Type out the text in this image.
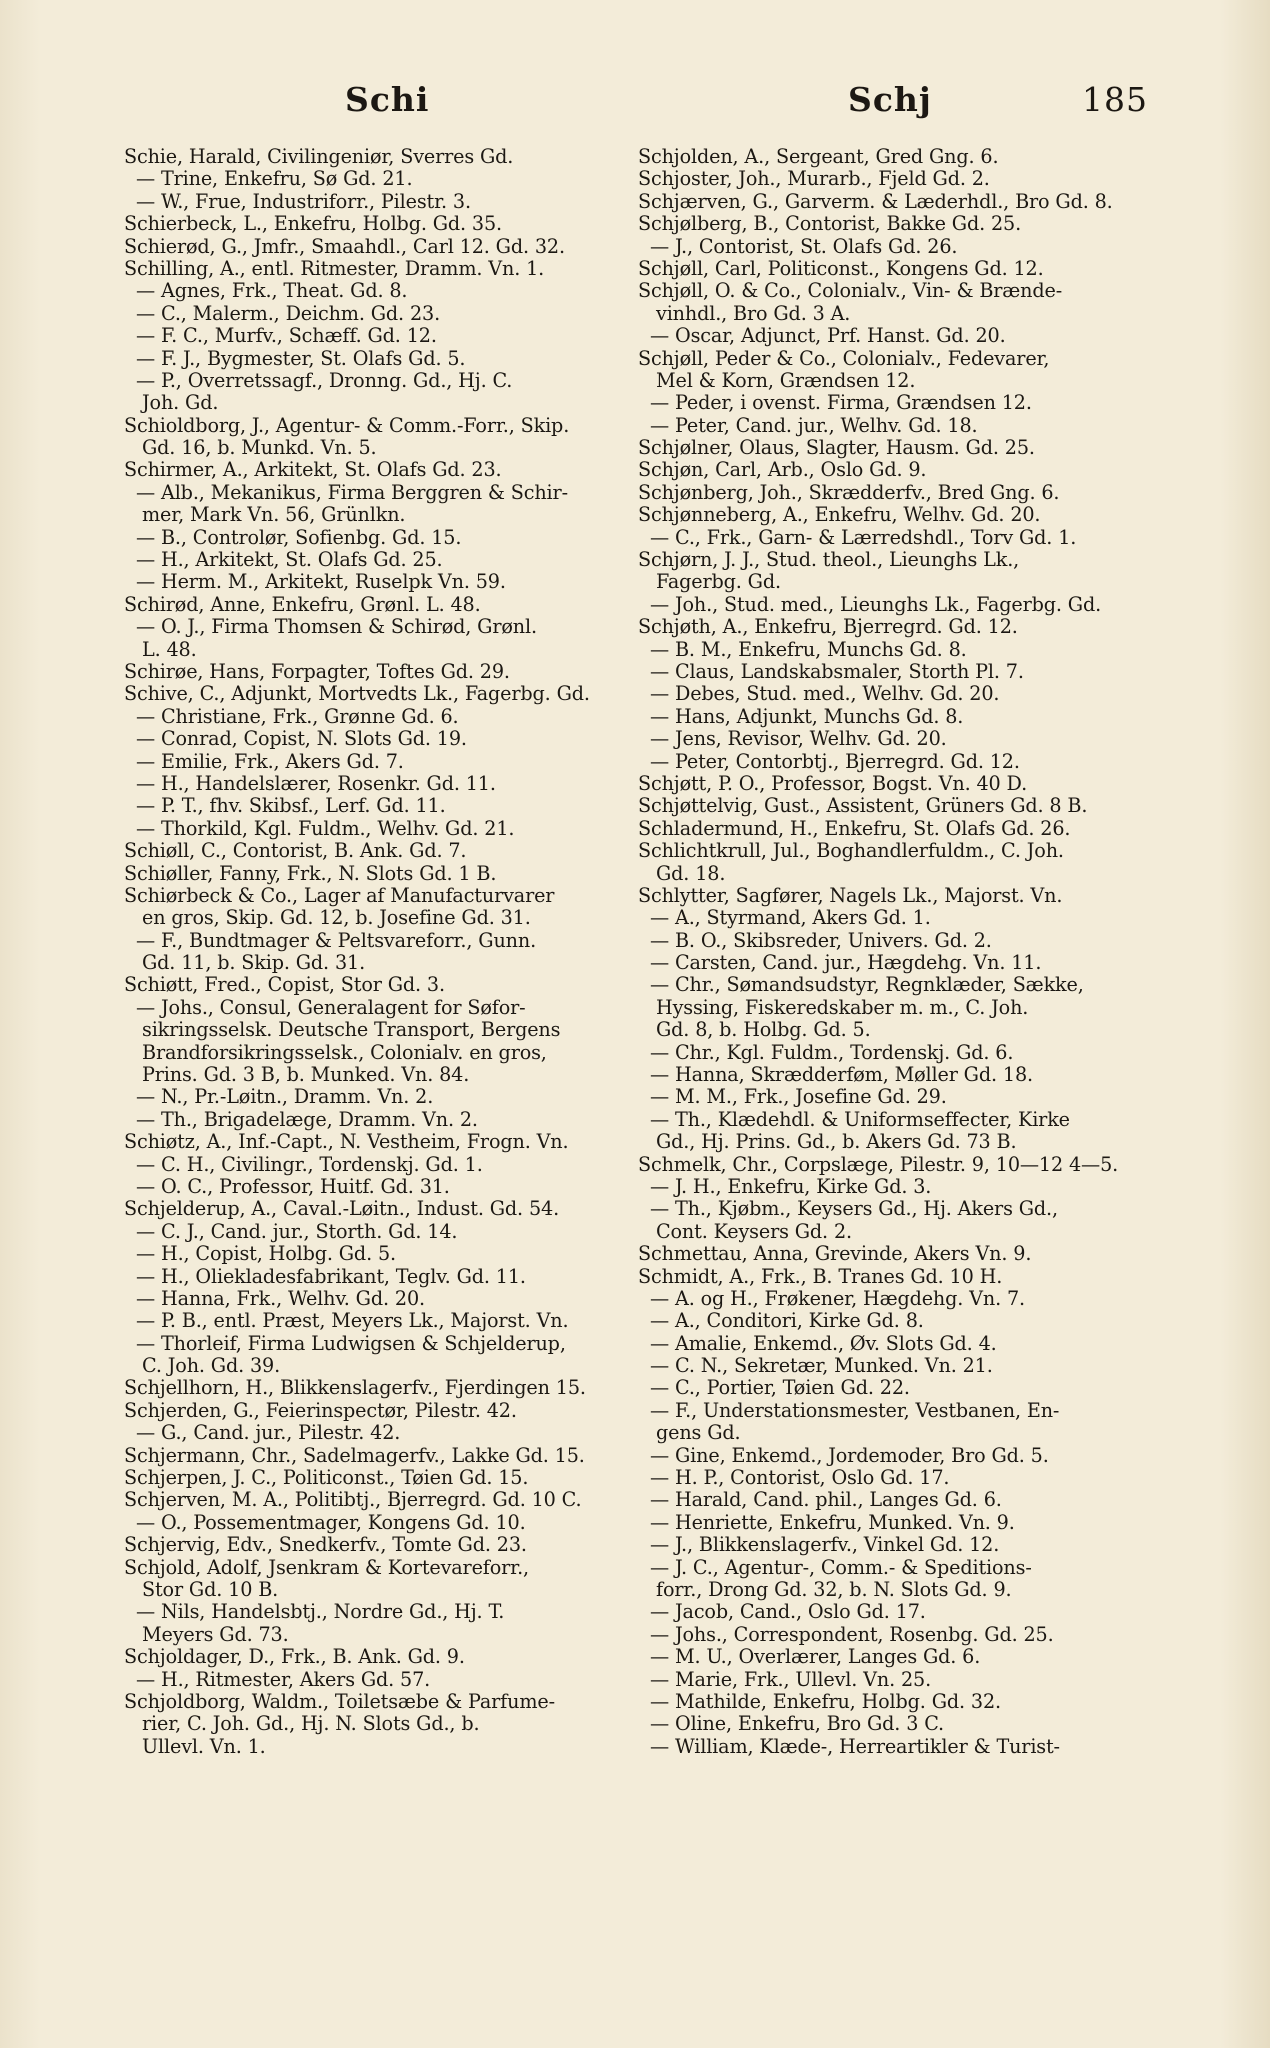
Schi	Schj	185
Schie, Harald, Civilingeniør, Sverres Gd.
— Trine, Enkefru, Sø Gd. 21.
— W., Frue, Industriforr., Pilestr. 3.
Schierbeck, L., Enkefru, Holbg. Gd. 35.
Schierød, G., Jmfr., Smaahdl., Carl 12. Gd. 32.
Schilling, A., entl. Ritmester, Dramm. Vn. 1.
— Agnes, Frk., Theat. Gd. 8.
— C., Malerm., Deichm. Gd. 23.
— F. C., Murfv., Schæff. Gd. 12.
— F. J., Bygmester, St. Olafs Gd. 5.
— P., Overretssagf., Dronng. Gd., Hj. C.
Joh. Gd.
Schioldborg, J., Agentur- & Comm.-Forr., Skip.
Gd. 16, b. Munkd. Vn. 5.
Schirmer, A., Arkitekt, St. Olafs Gd. 23.
— Alb., Mekanikus, Firma Berggren & Schir-
mer, Mark Vn. 56, Grünlkn.
— B., Controlør, Sofienbg. Gd. 15.
— H., Arkitekt, St. Olafs Gd. 25.
— Herm. M., Arkitekt, Ruselpk Vn. 59.
Schirød, Anne, Enkefru, Grønl. L. 48.
— O. J., Firma Thomsen & Schirød, Grønl.
L. 48.
Schirøe, Hans, Forpagter, Toftes Gd. 29.
Schive, C., Adjunkt, Mortvedts Lk., Fagerbg. Gd.
— Christiane, Frk., Grønne Gd. 6.
— Conrad, Copist, N. Slots Gd. 19.
— Emilie, Frk., Akers Gd. 7.
— H., Handelslærer, Rosenkr. Gd. 11.
— P. T., fhv. Skibsf., Lerf. Gd. 11.
— Thorkild, Kgl. Fuldm., Welhv. Gd. 21.
Schiøll, C., Contorist, B. Ank. Gd. 7.
Schiøller, Fanny, Frk., N. Slots Gd. 1 B.
Schiørbeck & Co., Lager af Manufacturvarer
en gros, Skip. Gd. 12, b. Josefine Gd. 31.
— F., Bundtmager & Peltsvareforr., Gunn.
Gd. 11, b. Skip. Gd. 31.
Schiøtt, Fred., Copist, Stor Gd. 3.
— Johs., Consul, Generalagent for Søfor-
sikringsselsk. Deutsche Transport, Bergens
Brandforsikringsselsk., Colonialv. en gros,
Prins. Gd. 3 B, b. Munked. Vn. 84.
— N., Pr.-Løitn., Dramm. Vn. 2.
— Th., Brigadelæge, Dramm. Vn. 2.
Schiøtz, A., Inf.-Capt., N. Vestheim, Frogn. Vn.
— C. H., Civilingr., Tordenskj. Gd. 1.
— O. C., Professor, Huitf. Gd. 31.
Schjelderup, A., Caval.-Løitn., Indust. Gd. 54.
— C. J., Cand. jur., Storth. Gd. 14.
— H., Copist, Holbg. Gd. 5.
— H., Oliekladesfabrikant, Teglv. Gd. 11.
— Hanna, Frk., Welhv. Gd. 20.
— P. B., entl. Præst, Meyers Lk., Majorst. Vn.
— Thorleif, Firma Ludwigsen & Schjelderup,
C. Joh. Gd. 39.
Schjellhorn, H., Blikkenslagerfv., Fjerdingen 15.
Schjerden, G., Feierinspectør, Pilestr. 42.
— G., Cand. jur., Pilestr. 42.
Schjermann, Chr., Sadelmagerfv., Lakke Gd. 15.
Schjerpen, J. C., Politiconst., Tøien Gd. 15.
Schjerven, M. A., Politibtj., Bjerregrd. Gd. 10 C.
— O., Possementmager, Kongens Gd. 10.
Schjervig, Edv., Snedkerfv., Tomte Gd. 23.
Schjold, Adolf, Jsenkram & Kortevareforr.,
Stor Gd. 10 B.
— Nils, Handelsbtj., Nordre Gd., Hj. T.
Meyers Gd. 73.
Schjoldager, D., Frk., B. Ank. Gd. 9.
— H., Ritmester, Akers Gd. 57.
Schjoldborg, Waldm., Toiletsæbe & Parfume-
rier, C. Joh. Gd., Hj. N. Slots Gd., b.
Ullevl. Vn. 1.
Schjolden, A., Sergeant, Gred Gng. 6.
Schjoster, Joh., Murarb., Fjeld Gd. 2.
Schjærven, G., Garverm. & Læderhdl., Bro Gd. 8.
Schjølberg, B., Contorist, Bakke Gd. 25.
— J., Contorist, St. Olafs Gd. 26.
Schjøll, Carl, Politiconst., Kongens Gd. 12.
Schjøll, O. & Co., Colonialv., Vin- & Brænde-
vinhdl., Bro Gd. 3 A.
— Oscar, Adjunct, Prf. Hanst. Gd. 20.
Schjøll, Peder & Co., Colonialv., Fedevarer,
Mel & Korn, Grændsen 12.
— Peder, i ovenst. Firma, Grændsen 12.
— Peter, Cand. jur., Welhv. Gd. 18.
Schjølner, Olaus, Slagter, Hausm. Gd. 25.
Schjøn, Carl, Arb., Oslo Gd. 9.
Schjønberg, Joh., Skrædderfv., Bred Gng. 6.
Schjønneberg, A., Enkefru, Welhv. Gd. 20.
— C., Frk., Garn- & Lærredshdl., Torv Gd. 1.
Schjørn, J. J., Stud. theol., Lieunghs Lk.,
Fagerbg. Gd.
— Joh., Stud. med., Lieunghs Lk., Fagerbg. Gd.
Schjøth, A., Enkefru, Bjerregrd. Gd. 12.
— B. M., Enkefru, Munchs Gd. 8.
— Claus, Landskabsmaler, Storth Pl. 7.
— Debes, Stud. med., Welhv. Gd. 20.
— Hans, Adjunkt, Munchs Gd. 8.
— Jens, Revisor, Welhv. Gd. 20.
— Peter, Contorbtj., Bjerregrd. Gd. 12.
Schjøtt, P. O., Professor, Bogst. Vn. 40 D.
Schjøttelvig, Gust., Assistent, Grüners Gd. 8 B.
Schladermund, H., Enkefru, St. Olafs Gd. 26.
Schlichtkrull, Jul., Boghandlerfuldm., C. Joh.
Gd. 18.
Schlytter, Sagfører, Nagels Lk., Majorst. Vn.
— A., Styrmand, Akers Gd. 1.
— B. O., Skibsreder, Univers. Gd. 2.
— Carsten, Cand. jur., Hægdehg. Vn. 11.
— Chr., Sømandsudstyr, Regnklæder, Sække,
Hyssing, Fiskeredskaber m. m., C. Joh.
Gd. 8, b. Holbg. Gd. 5.
— Chr., Kgl. Fuldm., Tordenskj. Gd. 6.
— Hanna, Skrædderføm, Møller Gd. 18.
— M. M., Frk., Josefine Gd. 29.
— Th., Klædehdl. & Uniformseffecter, Kirke
Gd., Hj. Prins. Gd., b. Akers Gd. 73 B.
Schmelk, Chr., Corpslæge, Pilestr. 9, 10—12 4—5.
— J. H., Enkefru, Kirke Gd. 3.
— Th., Kjøbm., Keysers Gd., Hj. Akers Gd.,
Cont. Keysers Gd. 2.
Schmettau, Anna, Grevinde, Akers Vn. 9.
Schmidt, A., Frk., B. Tranes Gd. 10 H.
— A. og H., Frøkener, Hægdehg. Vn. 7.
— A., Conditori, Kirke Gd. 8.
— Amalie, Enkemd., Øv. Slots Gd. 4.
— C. N., Sekretær, Munked. Vn. 21.
— C., Portier, Tøien Gd. 22.
— F., Understationsmester, Vestbanen, En-
gens Gd.
— Gine, Enkemd., Jordemoder, Bro Gd. 5.
— H. P., Contorist, Oslo Gd. 17.
— Harald, Cand. phil., Langes Gd. 6.
— Henriette, Enkefru, Munked. Vn. 9.
— J., Blikkenslagerfv., Vinkel Gd. 12.
— J. C., Agentur-, Comm.- & Speditions-
forr., Drong Gd. 32, b. N. Slots Gd. 9.
— Jacob, Cand., Oslo Gd. 17.
— Johs., Correspondent, Rosenbg. Gd. 25.
— M. U., Overlærer, Langes Gd. 6.
— Marie, Frk., Ullevl. Vn. 25.
— Mathilde, Enkefru, Holbg. Gd. 32.
— Oline, Enkefru, Bro Gd. 3 C.
— William, Klæde-, Herreartikler & Turist-
